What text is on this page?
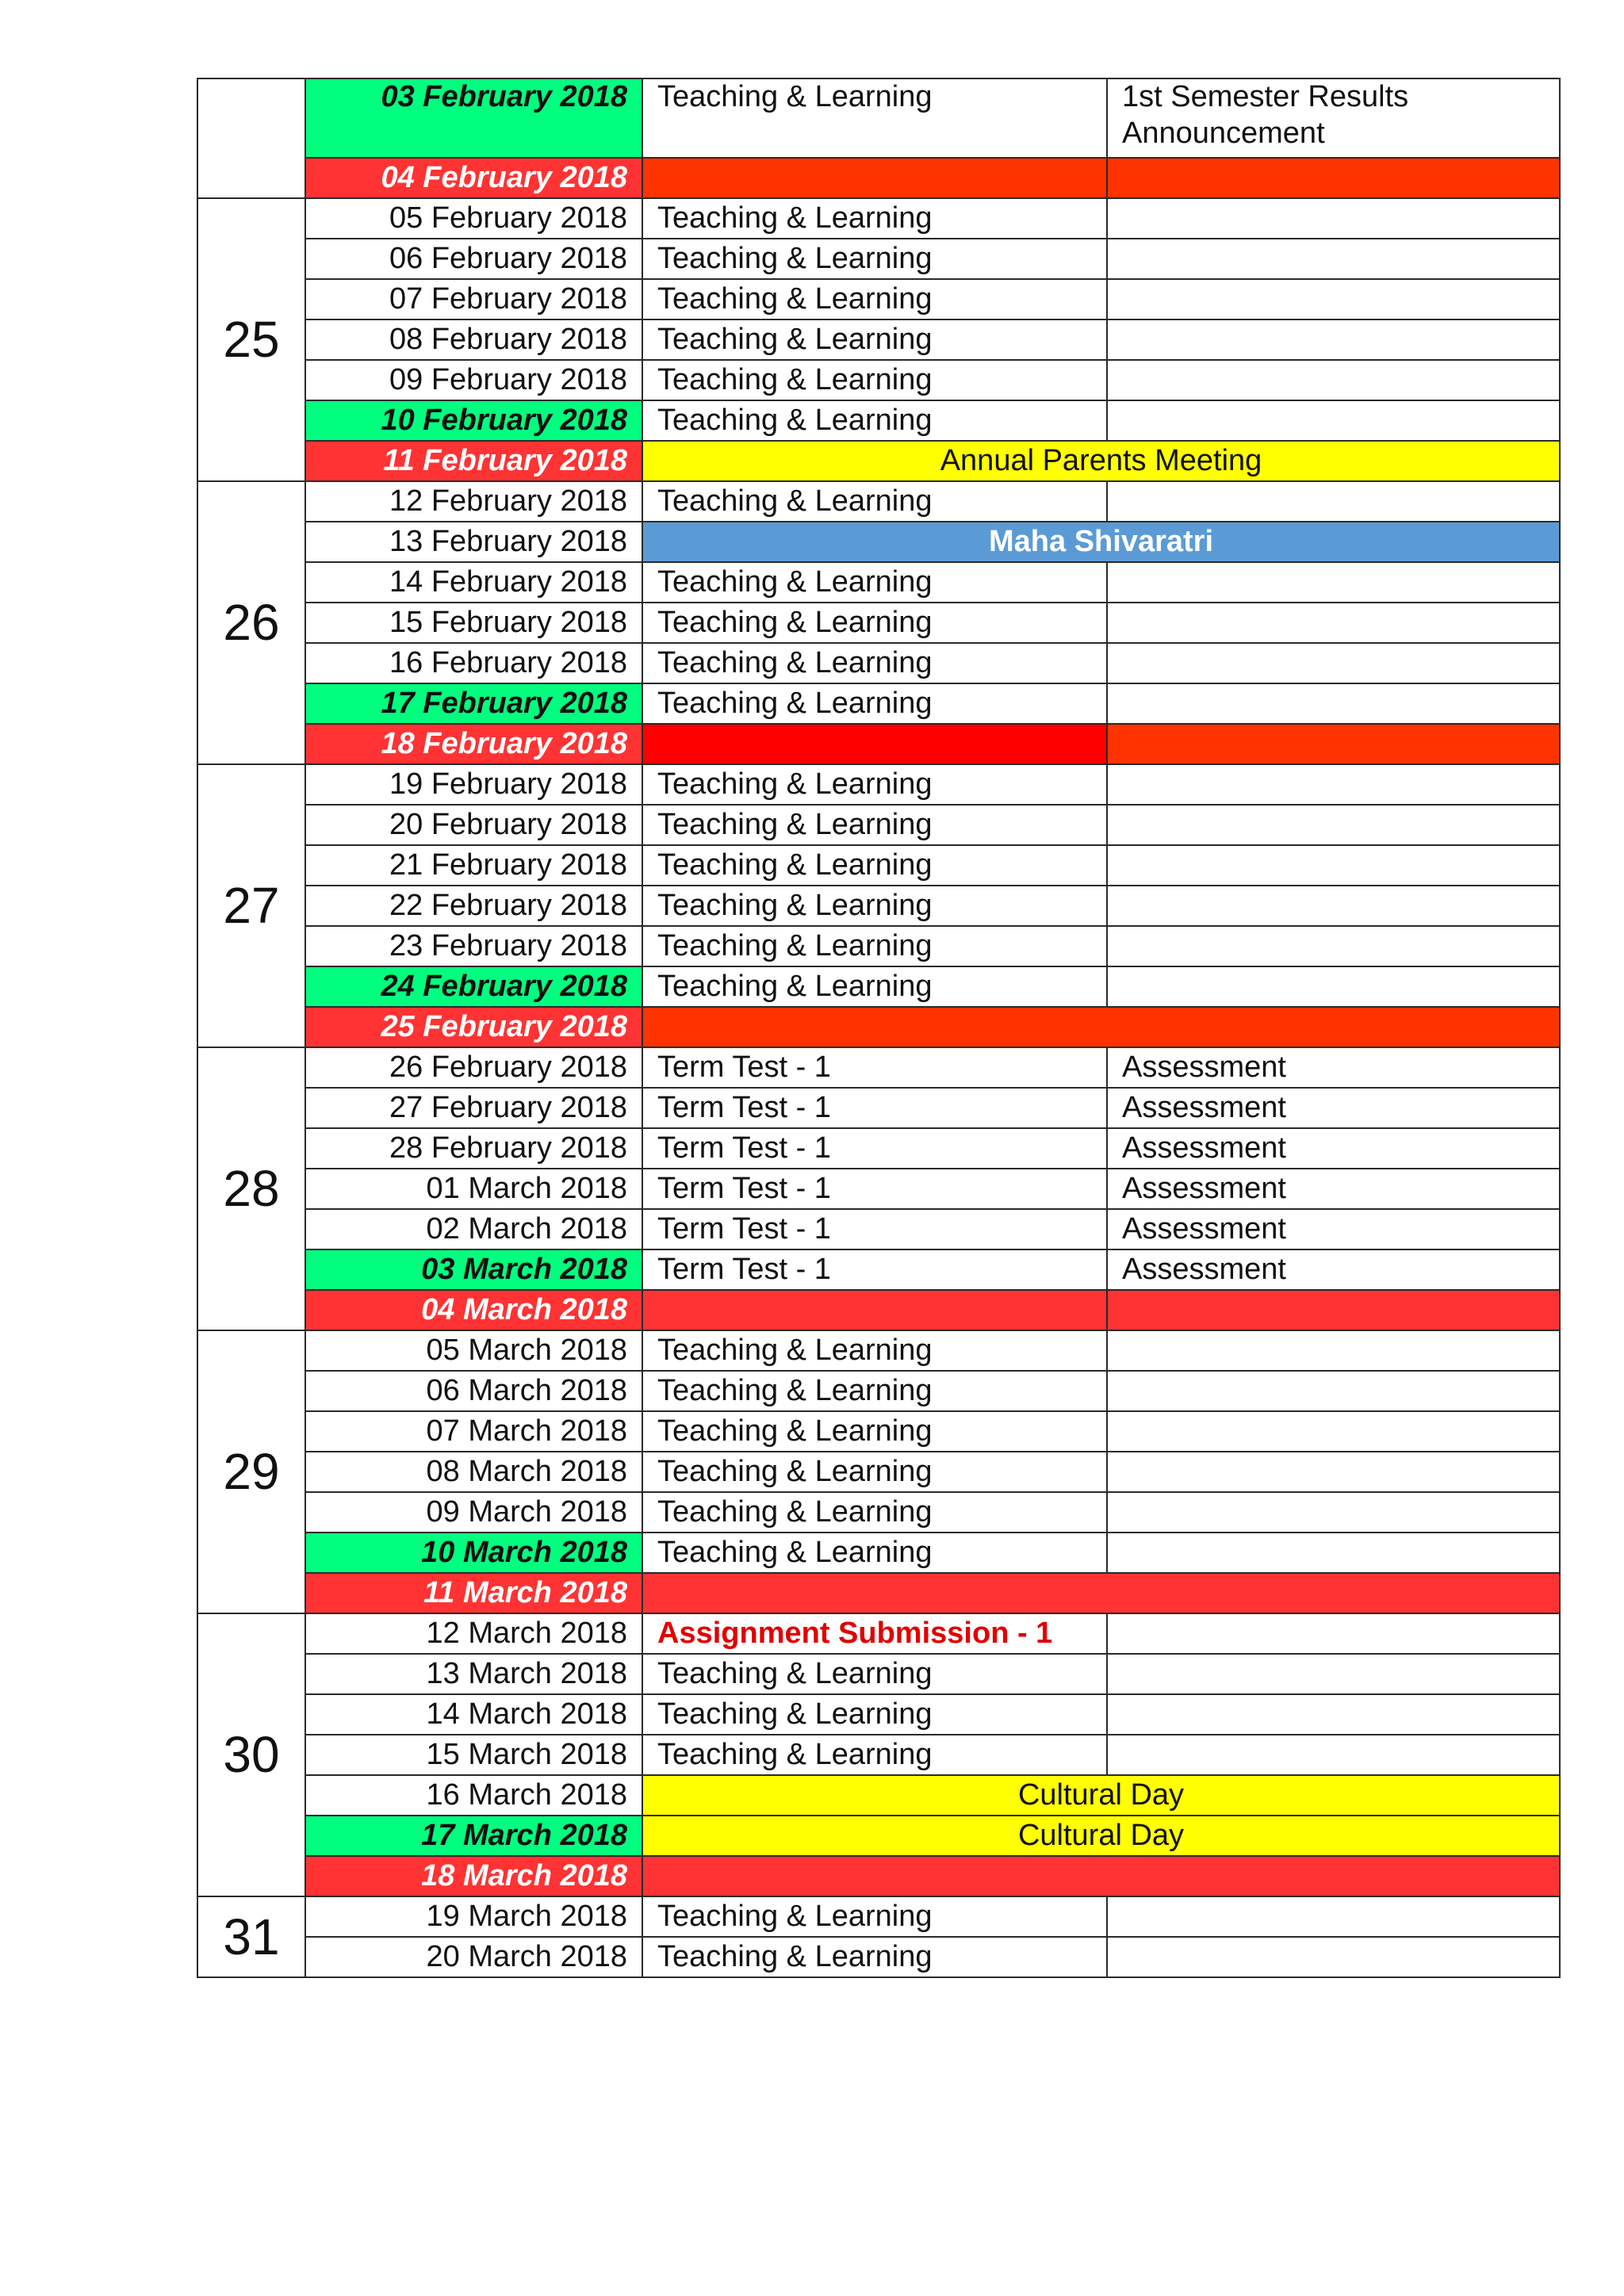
	03 February 2018	Teaching & Learning	1st Semester Results Announcement
	04 February 2018		
25	05 February 2018	Teaching & Learning	
	06 February 2018	Teaching & Learning	
	07 February 2018	Teaching & Learning	
	08 February 2018	Teaching & Learning	
	09 February 2018	Teaching & Learning	
	10 February 2018	Teaching & Learning	
	11 February 2018	Annual Parents Meeting	
26	12 February 2018	Teaching & Learning	
	13 February 2018	Maha Shivaratri	
	14 February 2018	Teaching & Learning	
	15 February 2018	Teaching & Learning	
	16 February 2018	Teaching & Learning	
	17 February 2018	Teaching & Learning	
	18 February 2018		
27	19 February 2018	Teaching & Learning	
	20 February 2018	Teaching & Learning	
	21 February 2018	Teaching & Learning	
	22 February 2018	Teaching & Learning	
	23 February 2018	Teaching & Learning	
	24 February 2018	Teaching & Learning	
	25 February 2018		
28	26 February 2018	Term Test - 1	Assessment
	27 February 2018	Term Test - 1	Assessment
	28 February 2018	Term Test - 1	Assessment
	01 March 2018	Term Test - 1	Assessment
	02 March 2018	Term Test - 1	Assessment
	03 March 2018	Term Test - 1	Assessment
	04 March 2018		
29	05 March 2018	Teaching & Learning	
	06 March 2018	Teaching & Learning	
	07 March 2018	Teaching & Learning	
	08 March 2018	Teaching & Learning	
	09 March 2018	Teaching & Learning	
	10 March 2018	Teaching & Learning	
	11 March 2018		
30	12 March 2018	Assignment Submission - 1	
	13 March 2018	Teaching & Learning	
	14 March 2018	Teaching & Learning	
	15 March 2018	Teaching & Learning	
	16 March 2018	Cultural Day	
	17 March 2018	Cultural Day	
	18 March 2018		
31	19 March 2018	Teaching & Learning	
	20 March 2018	Teaching & Learning	
